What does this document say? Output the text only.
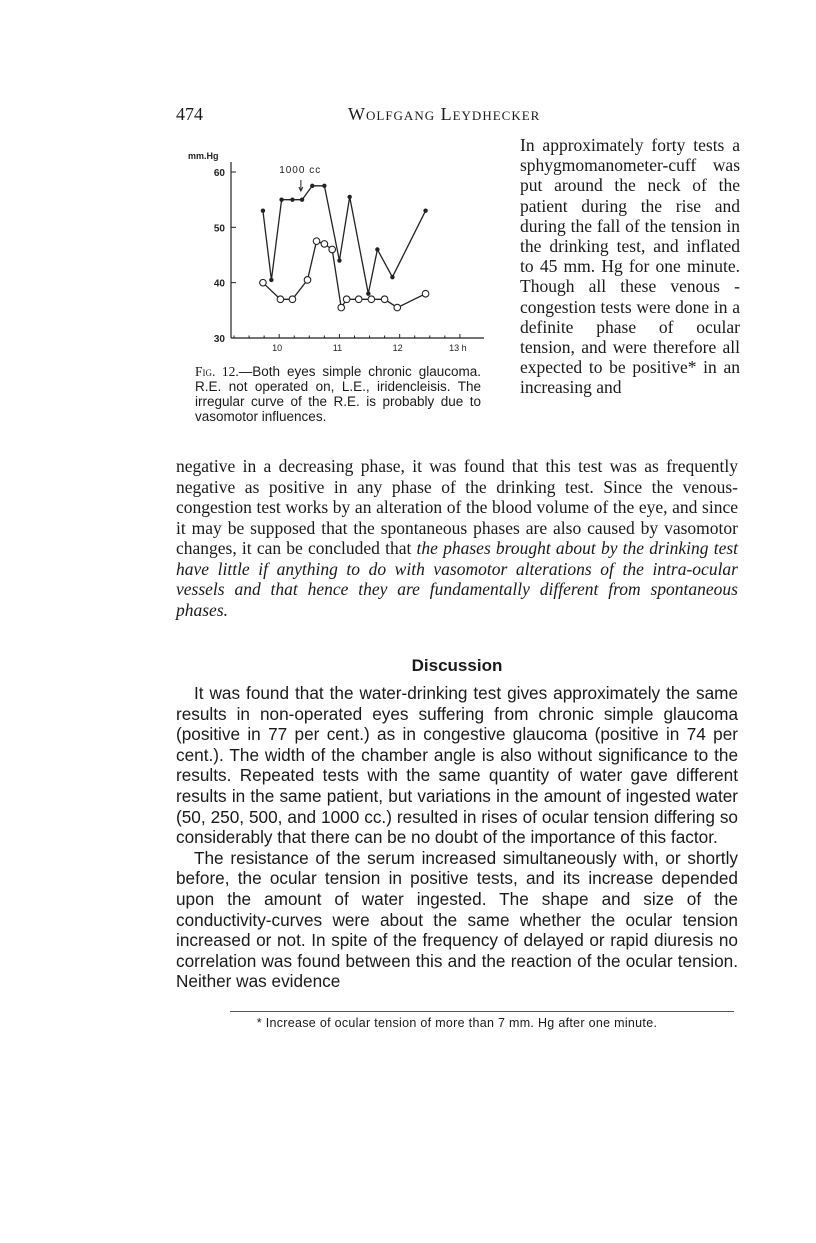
474	Wolfgang Leydhecker
mm.Hg
30
40
50
60
10	11	12	13 h
1000 cc
Fig. 12.—Both eyes simple chronic glaucoma. R.E. not operated on, L.E., iridencleisis. The irregular curve of the R.E. is probably due to vasomotor influences.

In approximately forty tests a sphygmomanometer-cuff was put around the neck of the patient during the rise and during the fall of the tension in the drinking test, and inflated to 45 mm. Hg for one minute. Though all these venous - congestion tests were done in a definite phase of ocular tension, and were therefore all expected to be positive* in an increasing and

negative in a decreasing phase, it was found that this test was as frequently negative as positive in any phase of the drinking test. Since the venous-congestion test works by an alteration of the blood volume of the eye, and since it may be supposed that the spontaneous phases are also caused by vasomotor changes, it can be concluded that the phases brought about by the drinking test have little if anything to do with vasomotor alterations of the intra-ocular vessels and that hence they are fundamentally different from spontaneous phases.

Discussion

It was found that the water-drinking test gives approximately the same results in non-operated eyes suffering from chronic simple glaucoma (positive in 77 per cent.) as in congestive glaucoma (positive in 74 per cent.). The width of the chamber angle is also without significance to the results. Repeated tests with the same quantity of water gave different results in the same patient, but variations in the amount of ingested water (50, 250, 500, and 1000 cc.) resulted in rises of ocular tension differing so considerably that there can be no doubt of the importance of this factor.

The resistance of the serum increased simultaneously with, or shortly before, the ocular tension in positive tests, and its increase depended upon the amount of water ingested. The shape and size of the conductivity-curves were about the same whether the ocular tension increased or not. In spite of the frequency of delayed or rapid diuresis no correlation was found between this and the reaction of the ocular tension. Neither was evidence

* Increase of ocular tension of more than 7 mm. Hg after one minute.
